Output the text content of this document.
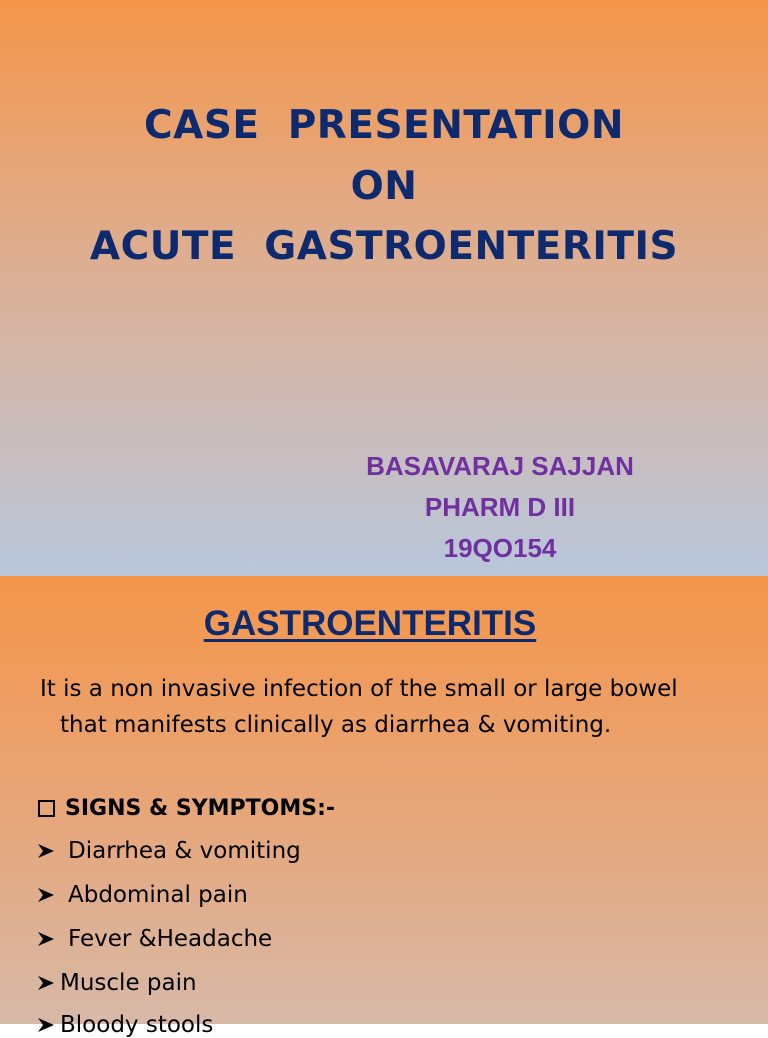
CASE  PRESENTATION
ON
ACUTE  GASTROENTERITIS
BASAVARAJ SAJJAN
PHARM D III
19QO154
GASTROENTERITIS
It is a non invasive infection of the small or large bowel
that manifests clinically as diarrhea & vomiting.
SIGNS & SYMPTOMS:-
Diarrhea & vomiting
Abdominal pain
Fever &Headache
Muscle pain
Bloody stools
